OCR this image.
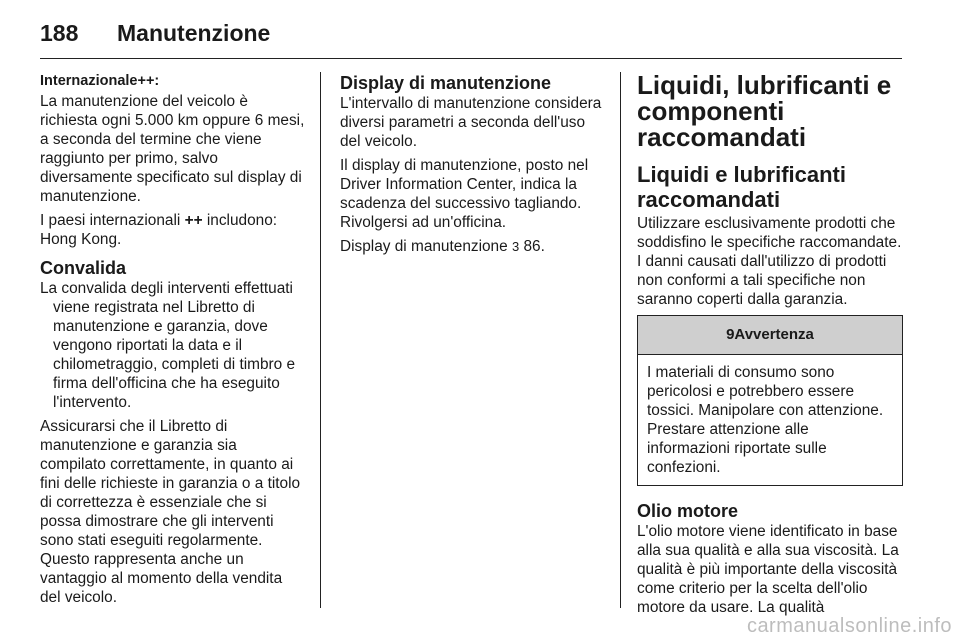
188 Manutenzione
Internazionale++:

La manutenzione del veicolo è richiesta ogni 5.000 km oppure 6 mesi, a seconda del termine che viene raggiunto per primo, salvo diversamente specificato sul display di manutenzione.

I paesi internazionali ++ includono: Hong Kong.

Convalida

La convalida degli interventi effettuati viene registrata nel Libretto di manutenzione e garanzia, dove vengono riportati la data e il chilometraggio, completi di timbro e firma dell'officina che ha eseguito l'intervento.

Assicurarsi che il Libretto di manutenzione e garanzia sia compilato correttamente, in quanto ai fini delle richieste in garanzia o a titolo di correttezza è essenziale che si possa dimostrare che gli interventi sono stati eseguiti regolarmente. Questo rappresenta anche un vantaggio al momento della vendita del veicolo.

Display di manutenzione

L'intervallo di manutenzione considera diversi parametri a seconda dell'uso del veicolo.

Il display di manutenzione, posto nel Driver Information Center, indica la scadenza del successivo tagliando. Rivolgersi ad un'officina.

Display di manutenzione 3 86.

Liquidi, lubrificanti e componenti raccomandati
Liquidi e lubrificanti raccomandati

Utilizzare esclusivamente prodotti che soddisfino le specifiche raccomandate. I danni causati dall'utilizzo di prodotti non conformi a tali specifiche non saranno coperti dalla garanzia.

9Avvertenza
I materiali di consumo sono pericolosi e potrebbero essere tossici. Manipolare con attenzione. Prestare attenzione alle informazioni riportate sulle confezioni.
Olio motore

L'olio motore viene identificato in base alla sua qualità e alla sua viscosità. La qualità è più importante della viscosità come criterio per la scelta dell'olio motore da usare. La qualità

carmanualsonline.info
